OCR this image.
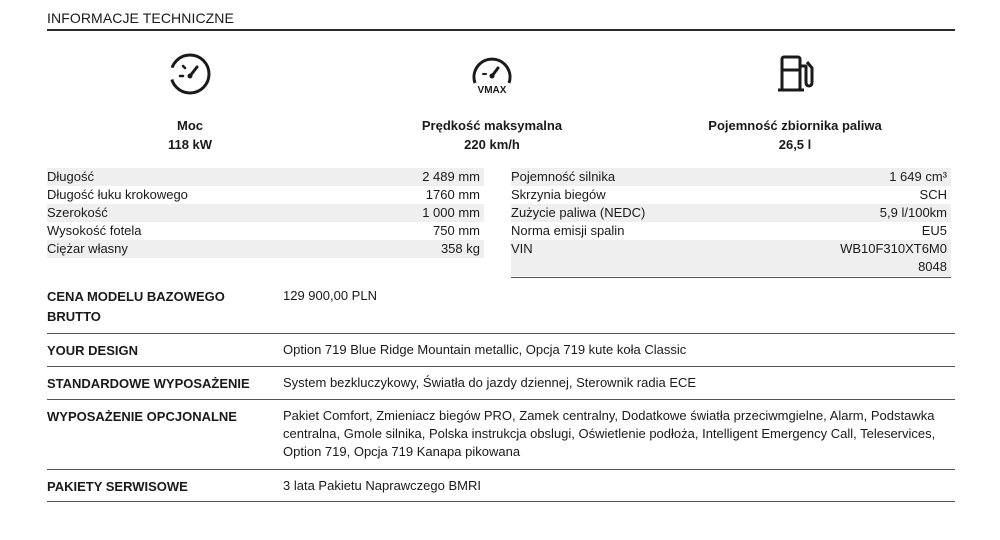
INFORMACJE TECHNICZNE
Moc
118 kW
VMAX
Prędkość maksymalna
220 km/h
Pojemność zbiornika paliwa
26,5 l
Długość	2 489 mm
Długość łuku krokowego	1760 mm
Szerokość	1 000 mm
Wysokość fotela	750 mm
Ciężar własny	358 kg
Pojemność silnika	1 649 cm³
Skrzynia biegów	SCH
Zużycie paliwa (NEDC)	5,9 l/100km
Norma emisji spalin	EU5
VIN	WB10F310XT6M08048
CENA MODELU BAZOWEGO BRUTTO
129 900,00 PLN
YOUR DESIGN	Option 719 Blue Ridge Mountain metallic, Opcja 719 kute koła Classic
STANDARDOWE WYPOSAŻENIE	System bezkluczykowy, Światła do jazdy dziennej, Sterownik radia ECE
WYPOSAŻENIE OPCJONALNE	Pakiet Comfort, Zmieniacz biegów PRO, Zamek centralny, Dodatkowe światła przeciwmgielne, Alarm, Podstawka centralna, Gmole silnika, Polska instrukcja obslugi, Oświetlenie podłoża, Intelligent Emergency Call, Teleservices, Option 719, Opcja 719 Kanapa pikowana
PAKIETY SERWISOWE	3 lata Pakietu Naprawczego BMRI
